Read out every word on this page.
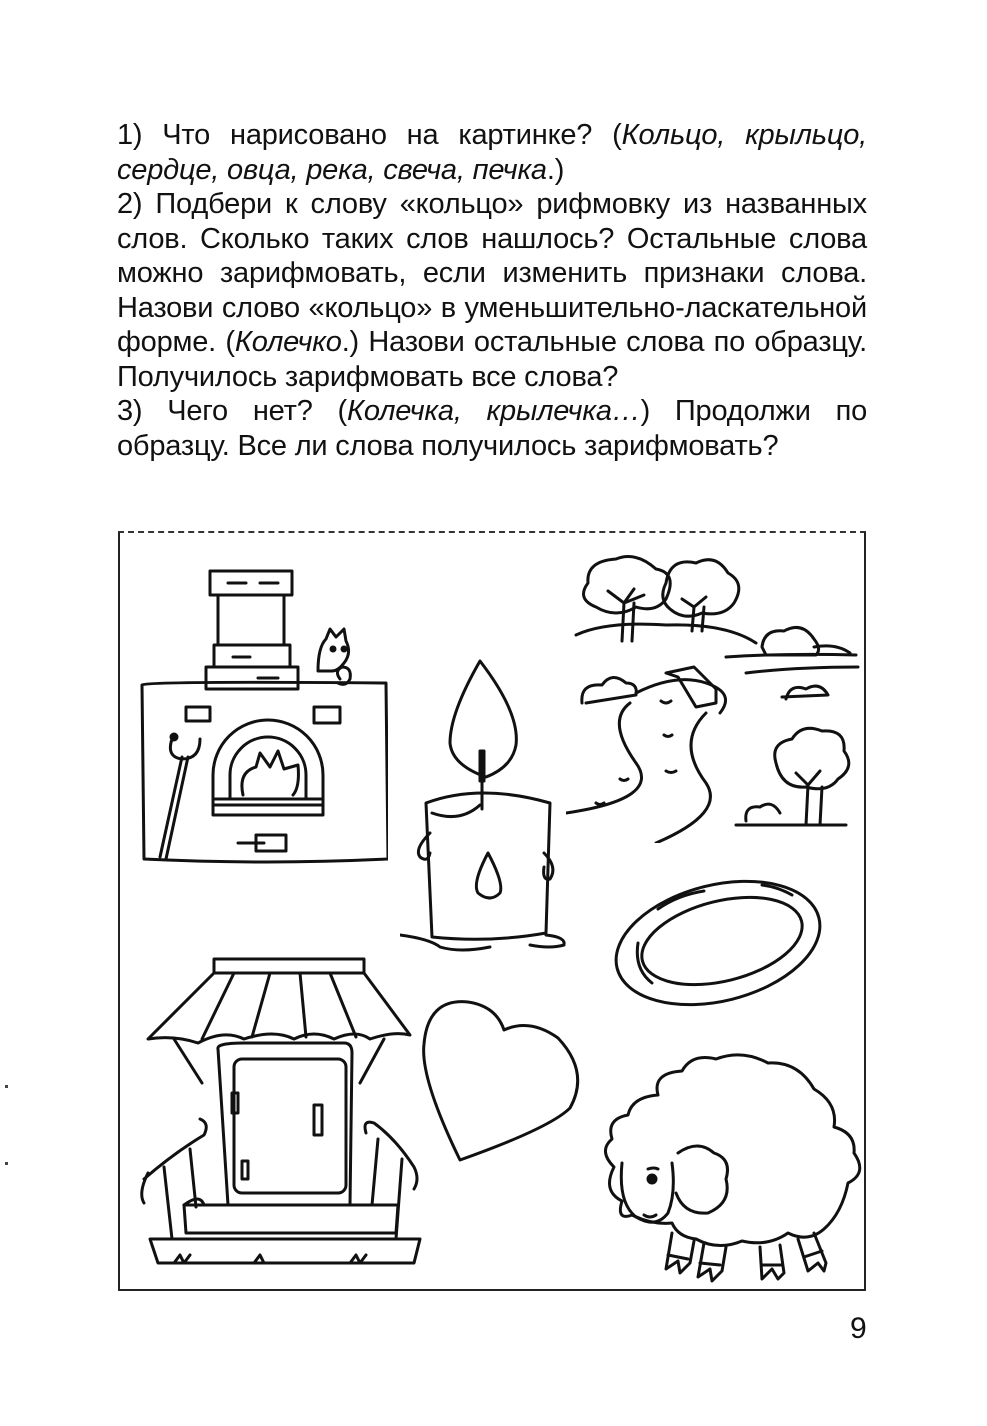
1) Что нарисовано на картинке? (Кольцо, крыльцо, сердце, овца, река, свеча, печка.)

2) Подбери к слову «кольцо» рифмовку из названных слов. Сколько таких слов нашлось? Остальные слова можно зарифмовать, если изменить признаки слова. Назови слово «кольцо» в уменьшительно-ласкательной форме. (Колечко.) Назови остальные слова по образцу. Получилось зарифмовать все слова?

3) Чего нет? (Колечка, крылечка…) Продолжи по образцу. Все ли слова получилось зарифмовать?

9
